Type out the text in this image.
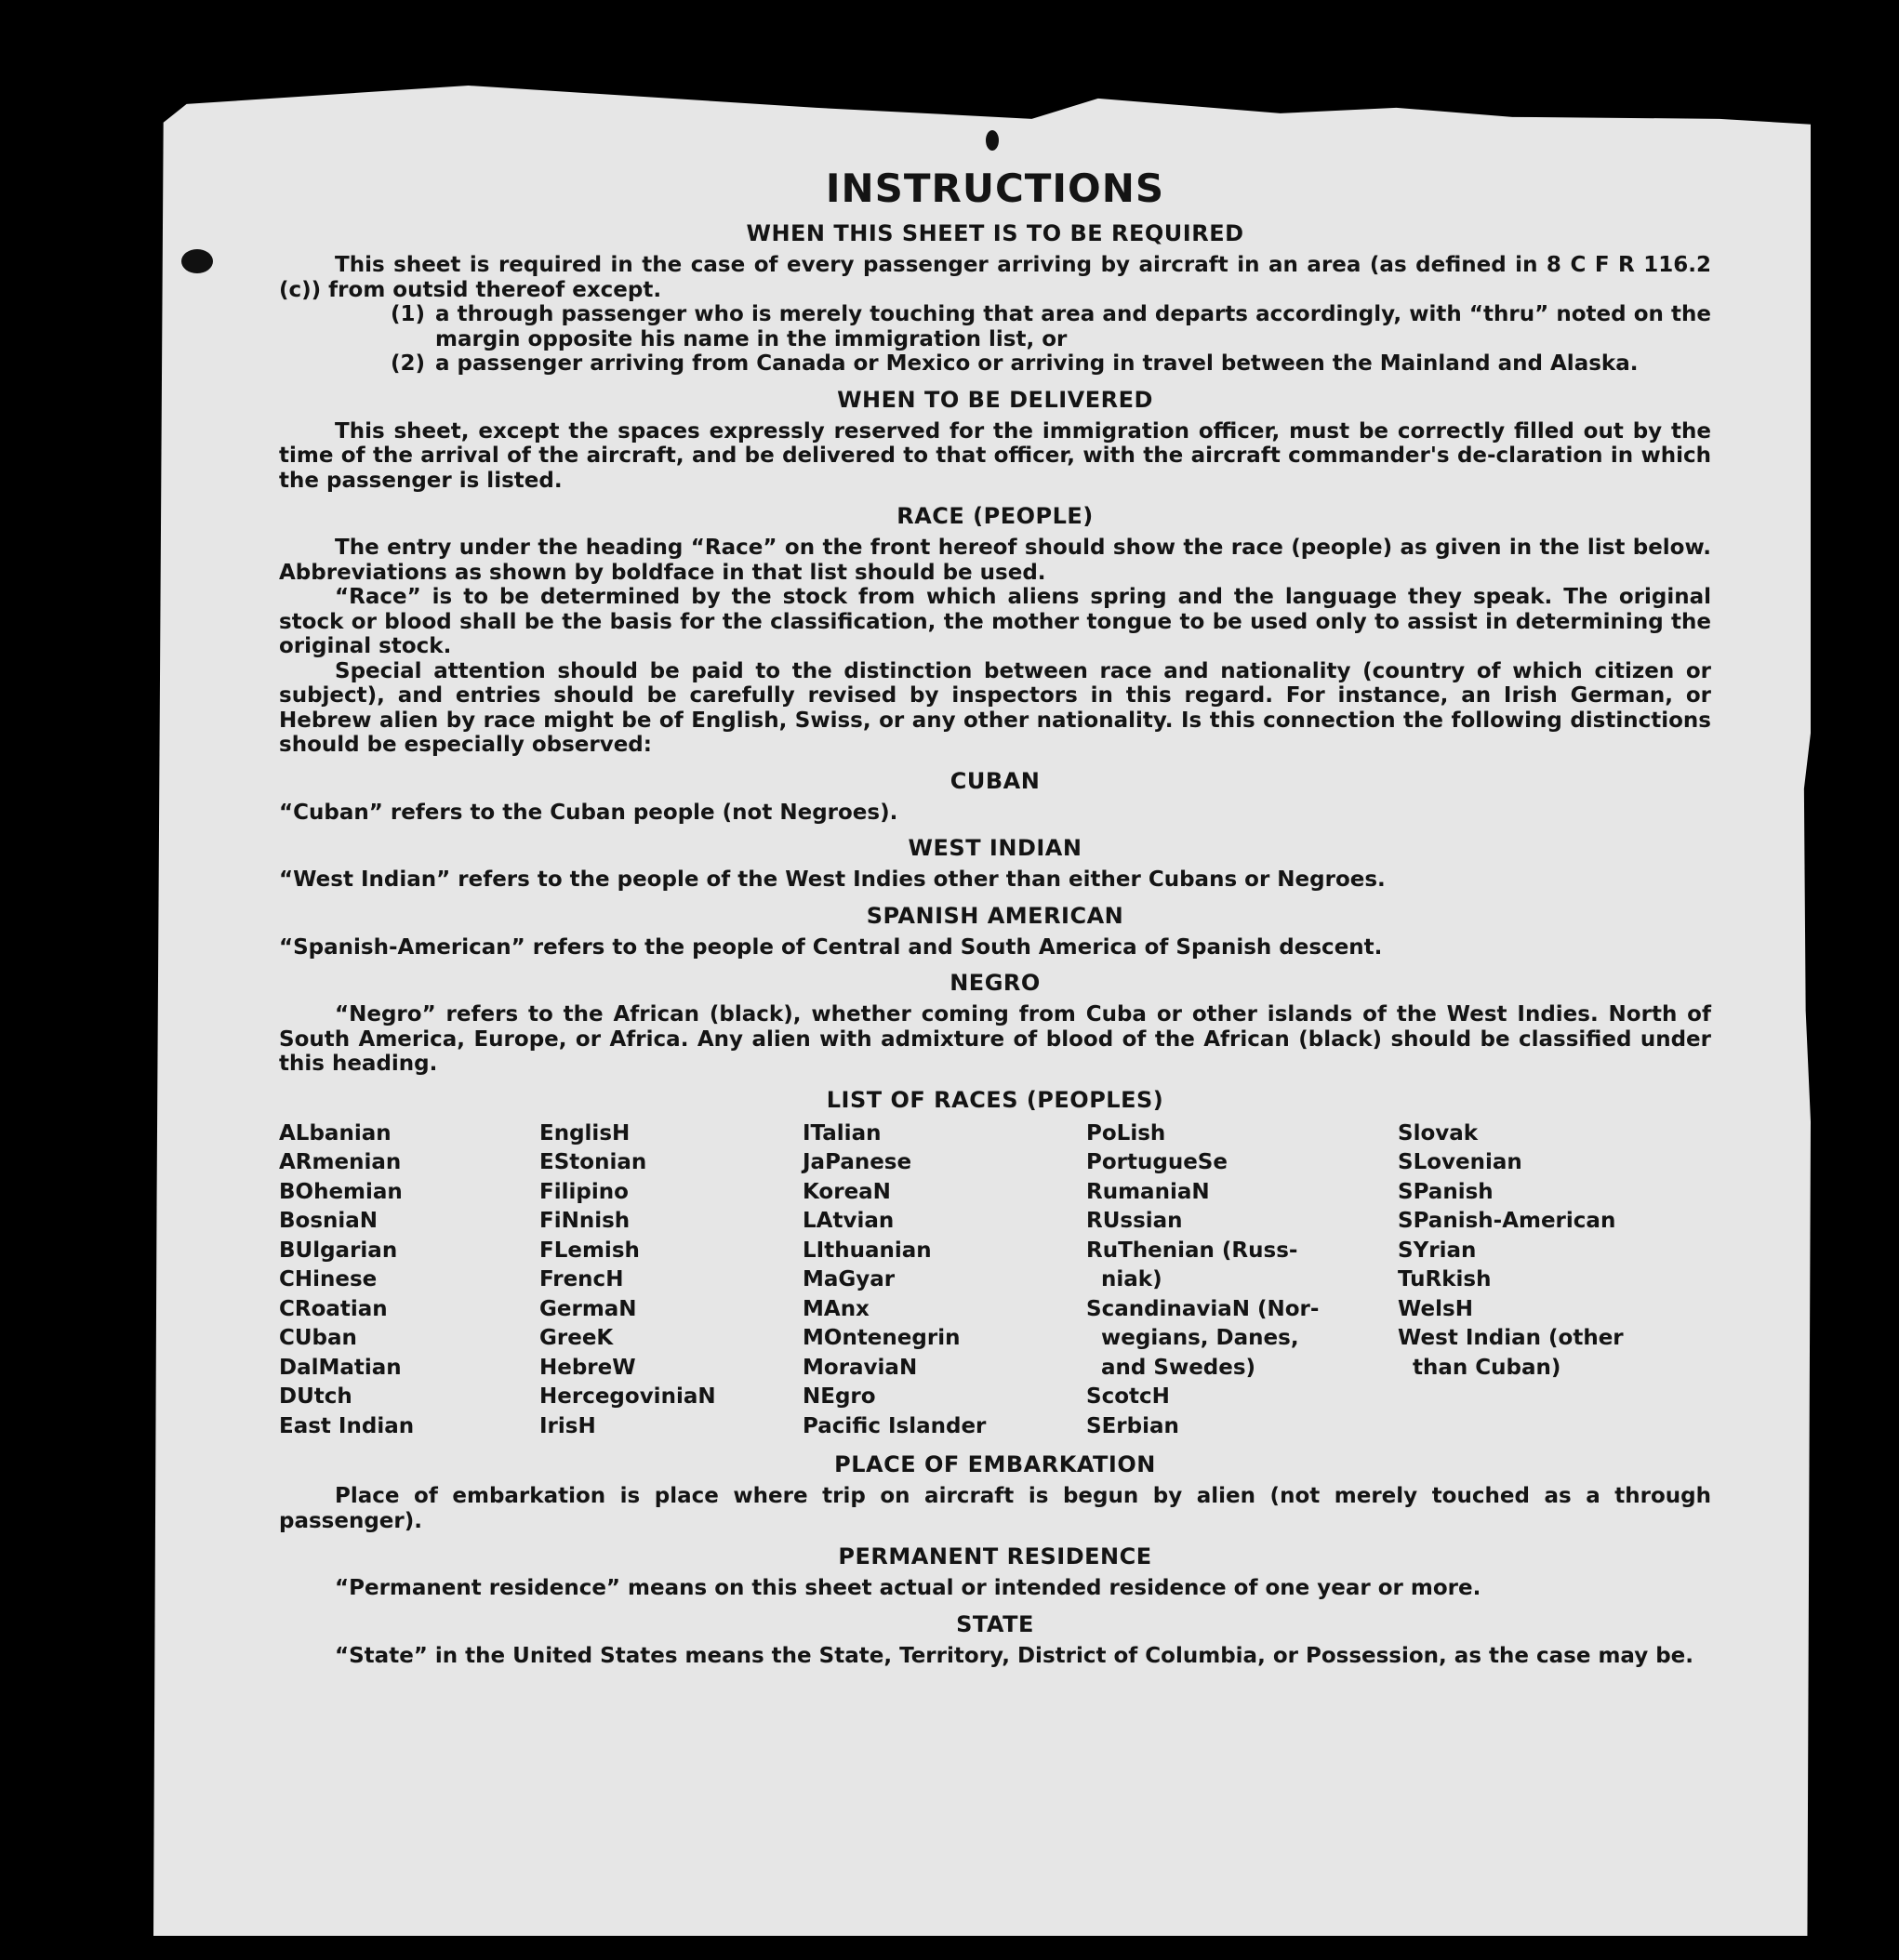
INSTRUCTIONS
WHEN THIS SHEET IS TO BE REQUIRED

This sheet is required in the case of every passenger arriving by aircraft in an area (as defined in 8 C F R 116.2 (c)) from outsid thereof except.

(1) a through passenger who is merely touching that area and departs accordingly, with “thru” noted on the margin opposite his name in the immigration list, or
(2) a passenger arriving from Canada or Mexico or arriving in travel between the Mainland and Alaska.
WHEN TO BE DELIVERED

This sheet, except the spaces expressly reserved for the immigration officer, must be correctly filled out by the time of the arrival of the aircraft, and be delivered to that officer, with the aircraft commander's de-claration in which the passenger is listed.

RACE (PEOPLE)

The entry under the heading “Race” on the front hereof should show the race (people) as given in the list below. Abbreviations as shown by boldface in that list should be used.

“Race” is to be determined by the stock from which aliens spring and the language they speak. The original stock or blood shall be the basis for the classification, the mother tongue to be used only to assist in determining the original stock.

Special attention should be paid to the distinction between race and nationality (country of which citizen or subject), and entries should be carefully revised by inspectors in this regard. For instance, an Irish German, or Hebrew alien by race might be of English, Swiss, or any other nationality. Is this connection the following distinctions should be especially observed:

CUBAN

“Cuban” refers to the Cuban people (not Negroes).

WEST INDIAN

“West Indian” refers to the people of the West Indies other than either Cubans or Negroes.

SPANISH AMERICAN

“Spanish-American” refers to the people of Central and South America of Spanish descent.

NEGRO

“Negro” refers to the African (black), whether coming from Cuba or other islands of the West Indies. North of South America, Europe, or Africa. Any alien with admixture of blood of the African (black) should be classified under this heading.

LIST OF RACES (PEOPLES)
ALbanian
ARmenian
BOhemian
BosniaN
BUlgarian
CHinese
CRoatian
CUban
DalMatian
DUtch
East Indian
EnglisH
EStonian
Filipino
FiNnish
FLemish
FrencH
GermaN
GreeK
HebreW
HercegoviniaN
IrisH
ITalian
JaPanese
KoreaN
LAtvian
LIthuanian
MaGyar
MAnx
MOntenegrin
MoraviaN
NEgro
Pacific Islander
PoLish
PortugueSe
RumaniaN
RUssian
RuThenian (Russ-
niak)
ScandinaviaN (Nor-
wegians, Danes,
and Swedes)
ScotcH
SErbian
Slovak
SLovenian
SPanish
SPanish-American
SYrian
TuRkish
WelsH
West Indian (other
than Cuban)
PLACE OF EMBARKATION

Place of embarkation is place where trip on aircraft is begun by alien (not merely touched as a through passenger).

PERMANENT RESIDENCE

“Permanent residence” means on this sheet actual or intended residence of one year or more.

STATE

“State” in the United States means the State, Territory, District of Columbia, or Possession, as the case may be.
